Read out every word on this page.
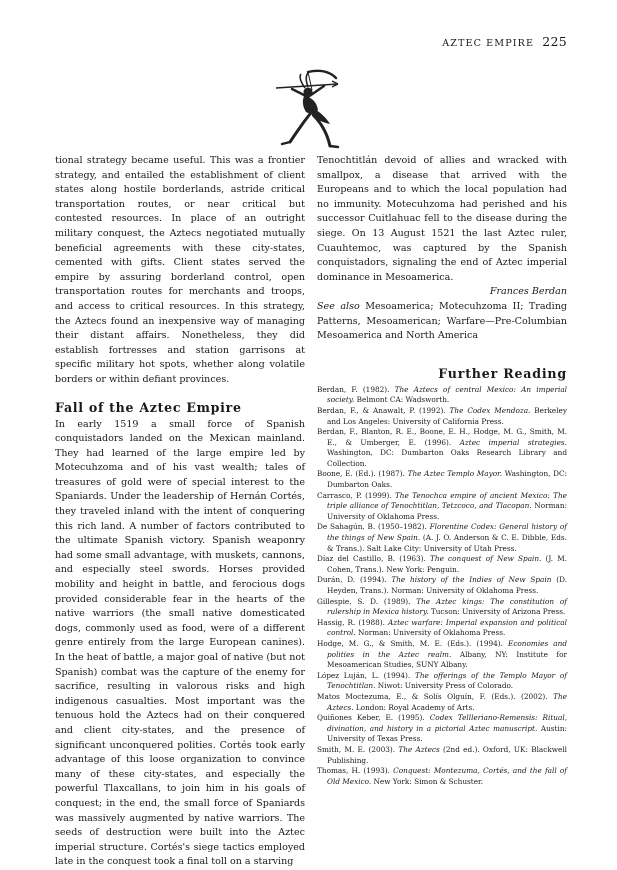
AZTEC EMPIRE 225

tional strategy became useful. This was a frontier strategy, and entailed the establishment of client states along hostile borderlands, astride critical transportation routes, or near critical but contested resources. In place of an outright military conquest, the Aztecs negotiated mutually beneficial agreements with these city-states, cemented with gifts. Client states served the empire by assuring borderland control, open transportation routes for merchants and troops, and access to critical resources. In this strategy, the Aztecs found an inexpensive way of managing their distant affairs. Nonetheless, they did establish fortresses and station garrisons at specific military hot spots, whether along volatile borders or within defiant provinces.

Fall of the Aztec Empire

In early 1519 a small force of Spanish conquistadors landed on the Mexican mainland. They had learned of the large empire led by Motecuhzoma and of his vast wealth; tales of treasures of gold were of special interest to the Spaniards. Under the leadership of Hernán Cortés, they traveled inland with the intent of conquering this rich land. A number of factors contributed to the ultimate Spanish victory. Spanish weaponry had some small advantage, with muskets, cannons, and especially steel swords. Horses provided mobility and height in battle, and ferocious dogs provided considerable fear in the hearts of the native warriors (the small native domesticated dogs, commonly used as food, were of a different genre entirely from the large European canines). In the heat of battle, a major goal of native (but not Spanish) combat was the capture of the enemy for sacrifice, resulting in valorous risks and high indigenous casualties. Most important was the tenuous hold the Aztecs had on their conquered and client city-states, and the presence of significant unconquered polities. Cortés took early advantage of this loose organization to convince many of these city-states, and especially the powerful Tlaxcallans, to join him in his goals of conquest; in the end, the small force of Spaniards was massively augmented by native warriors. The seeds of destruction were built into the Aztec imperial structure. Cortés's siege tactics employed late in the conquest took a final toll on a starving

Tenochtitlán devoid of allies and wracked with smallpox, a disease that arrived with the Europeans and to which the local population had no immunity. Motecuhzoma had perished and his successor Cuitlahuac fell to the disease during the siege. On 13 August 1521 the last Aztec ruler, Cuauhtemoc, was captured by the Spanish conquistadors, signaling the end of Aztec imperial dominance in Mesoamerica.

Frances Berdan

See also Mesoamerica; Motecuhzoma II; Trading Patterns, Mesoamerican; Warfare—Pre-Columbian Mesoamerica and North America

Further Reading

Berdan, F. (1982). The Aztecs of central Mexico: An imperial society. Belmont CA: Wadsworth.

Berdan, F., & Anawalt, P. (1992). The Codex Mendoza. Berkeley and Los Angeles: University of California Press.

Berdan, F., Blanton, R. E., Boone, E. H., Hodge, M. G., Smith, M. E., & Umberger, E. (1996). Aztec imperial strategies. Washington, DC: Dumbarton Oaks Research Library and Collection.

Boone, E. (Ed.). (1987). The Aztec Templo Mayor. Washington, DC: Dumbarton Oaks.

Carrasco, P. (1999). The Tenochca empire of ancient Mexico: The triple alliance of Tenochtitlan, Tetzcoco, and Tlacopan. Norman: University of Oklahoma Press.

De Sahagún, B. (1950–1982). Florentine Codex: General history of the things of New Spain. (A. J. O. Anderson & C. E. Dibble, Eds. & Trans.). Salt Lake City: University of Utah Press.

Díaz del Castillo, B. (1963). The conquest of New Spain. (J. M. Cohen, Trans.). New York: Penguin.

Durán, D. (1994). The history of the Indies of New Spain (D. Heyden, Trans.). Norman: University of Oklahoma Press.

Gillespie, S. D. (1989). The Aztec kings: The constitution of rulership in Mexica history. Tucson: University of Arizona Press.

Hassig, R. (1988). Aztec warfare: Imperial expansion and political control. Norman: University of Oklahoma Press.

Hodge, M. G., & Smith, M. E. (Eds.). (1994). Economies and polities in the Aztec realm. Albany, NY: Institute for Mesoamerican Studies, SUNY Albany.

López Luján, L. (1994). The offerings of the Templo Mayor of Tenochtitlan. Niwot: University Press of Colorado.

Matos Moctezuma, E., & Solís Olguín, F. (Eds.). (2002). The Aztecs. London: Royal Academy of Arts.

Quiñones Keber, E. (1995). Codex Tellleriano-Remensis: Ritual, divination, and history in a pictorial Aztec manuscript. Austin: University of Texas Press.

Smith, M. E. (2003). The Aztecs (2nd ed.). Oxford, UK: Blackwell Publishing.

Thomas, H. (1993). Conquest: Montezuma, Cortés, and the fall of Old Mexico. New York: Simon & Schuster.
